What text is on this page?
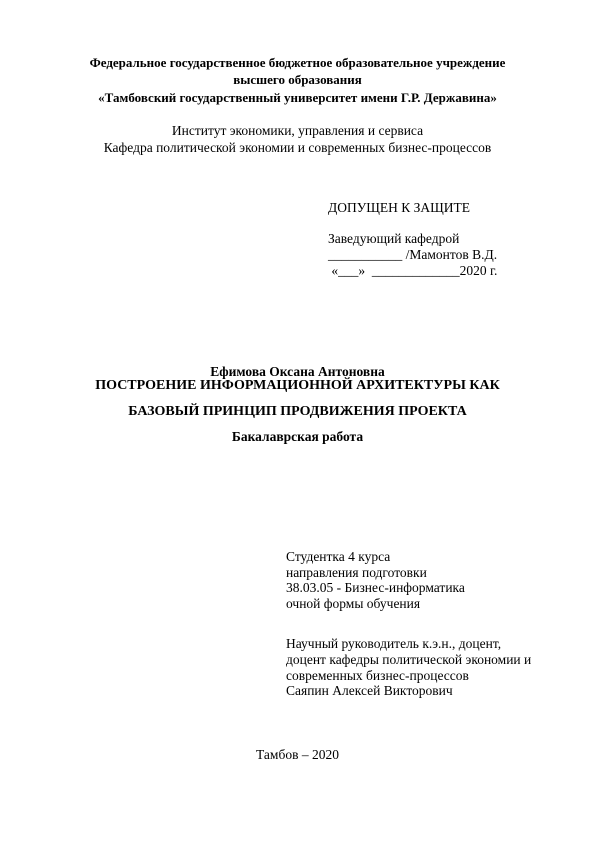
Федеральное государственное бюджетное образовательное учреждение
высшего образования
«Тамбовский государственный университет имени Г.Р. Державина»
Институт экономики, управления и сервиса
Кафедра политической экономии и современных бизнес-процессов
ДОПУЩЕН К ЗАЩИТЕ
Заведующий кафедрой
___________ /Мамонтов В.Д.
«___»  _____________2020 г.
Ефимова Оксана Антоновна
ПОСТРОЕНИЕ ИНФОРМАЦИОННОЙ АРХИТЕКТУРЫ КАК
БАЗОВЫЙ ПРИНЦИП ПРОДВИЖЕНИЯ ПРОЕКТА
Бакалаврская работа
Студентка 4 курса
направления подготовки
38.03.05 - Бизнес-информатика
очной формы обучения
Научный руководитель к.э.н., доцент,
доцент кафедры политической экономии и
современных бизнес-процессов
Саяпин Алексей Викторович
Тамбов – 2020
